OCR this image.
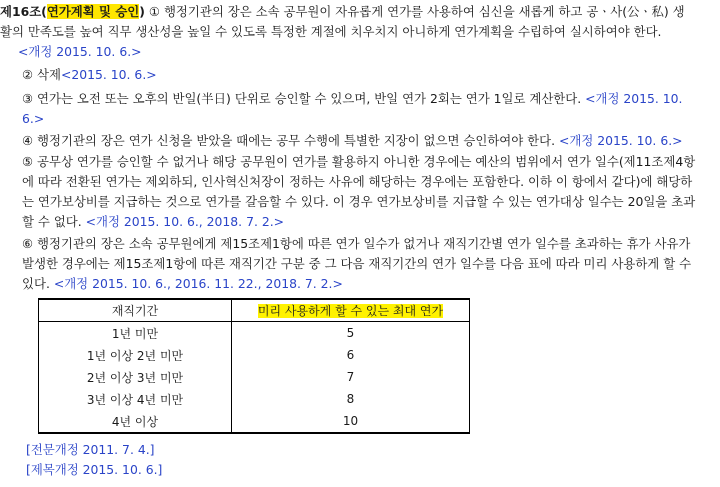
제16조(연가계획 및 승인) ① 행정기관의 장은 소속 공무원이 자유롭게 연가를 사용하여 심신을 새롭게 하고 공ㆍ사(公ㆍ私) 생
활의 만족도를 높여 직무 생산성을 높일 수 있도록 특정한 계절에 치우치지 아니하게 연가계획을 수립하여 실시하여야 한다.
<개정 2015. 10. 6.>
② 삭제<2015. 10. 6.>
③ 연가는 오전 또는 오후의 반일(半日) 단위로 승인할 수 있으며, 반일 연가 2회는 연가 1일로 계산한다. <개정 2015. 10.
6.>
④ 행정기관의 장은 연가 신청을 받았을 때에는 공무 수행에 특별한 지장이 없으면 승인하여야 한다. <개정 2015. 10. 6.>
⑤ 공무상 연가를 승인할 수 없거나 해당 공무원이 연가를 활용하지 아니한 경우에는 예산의 범위에서 연가 일수(제11조제4항
에 따라 전환된 연가는 제외하되, 인사혁신처장이 정하는 사유에 해당하는 경우에는 포함한다. 이하 이 항에서 같다)에 해당하
는 연가보상비를 지급하는 것으로 연가를 갈음할 수 있다. 이 경우 연가보상비를 지급할 수 있는 연가대상 일수는 20일을 초과
할 수 없다. <개정 2015. 10. 6., 2018. 7. 2.>
⑥ 행정기관의 장은 소속 공무원에게 제15조제1항에 따른 연가 일수가 없거나 재직기간별 연가 일수를 초과하는 휴가 사유가
발생한 경우에는 제15조제1항에 따른 재직기간 구분 중 그 다음 재직기간의 연가 일수를 다음 표에 따라 미리 사용하게 할 수
있다. <개정 2015. 10. 6., 2016. 11. 22., 2018. 7. 2.>
재직기간	미리 사용하게 할 수 있는 최대 연가
1년 미만	5
1년 이상 2년 미만	6
2년 이상 3년 미만	7
3년 이상 4년 미만	8
4년 이상	10
[전문개정 2011. 7. 4.]
[제목개정 2015. 10. 6.]
